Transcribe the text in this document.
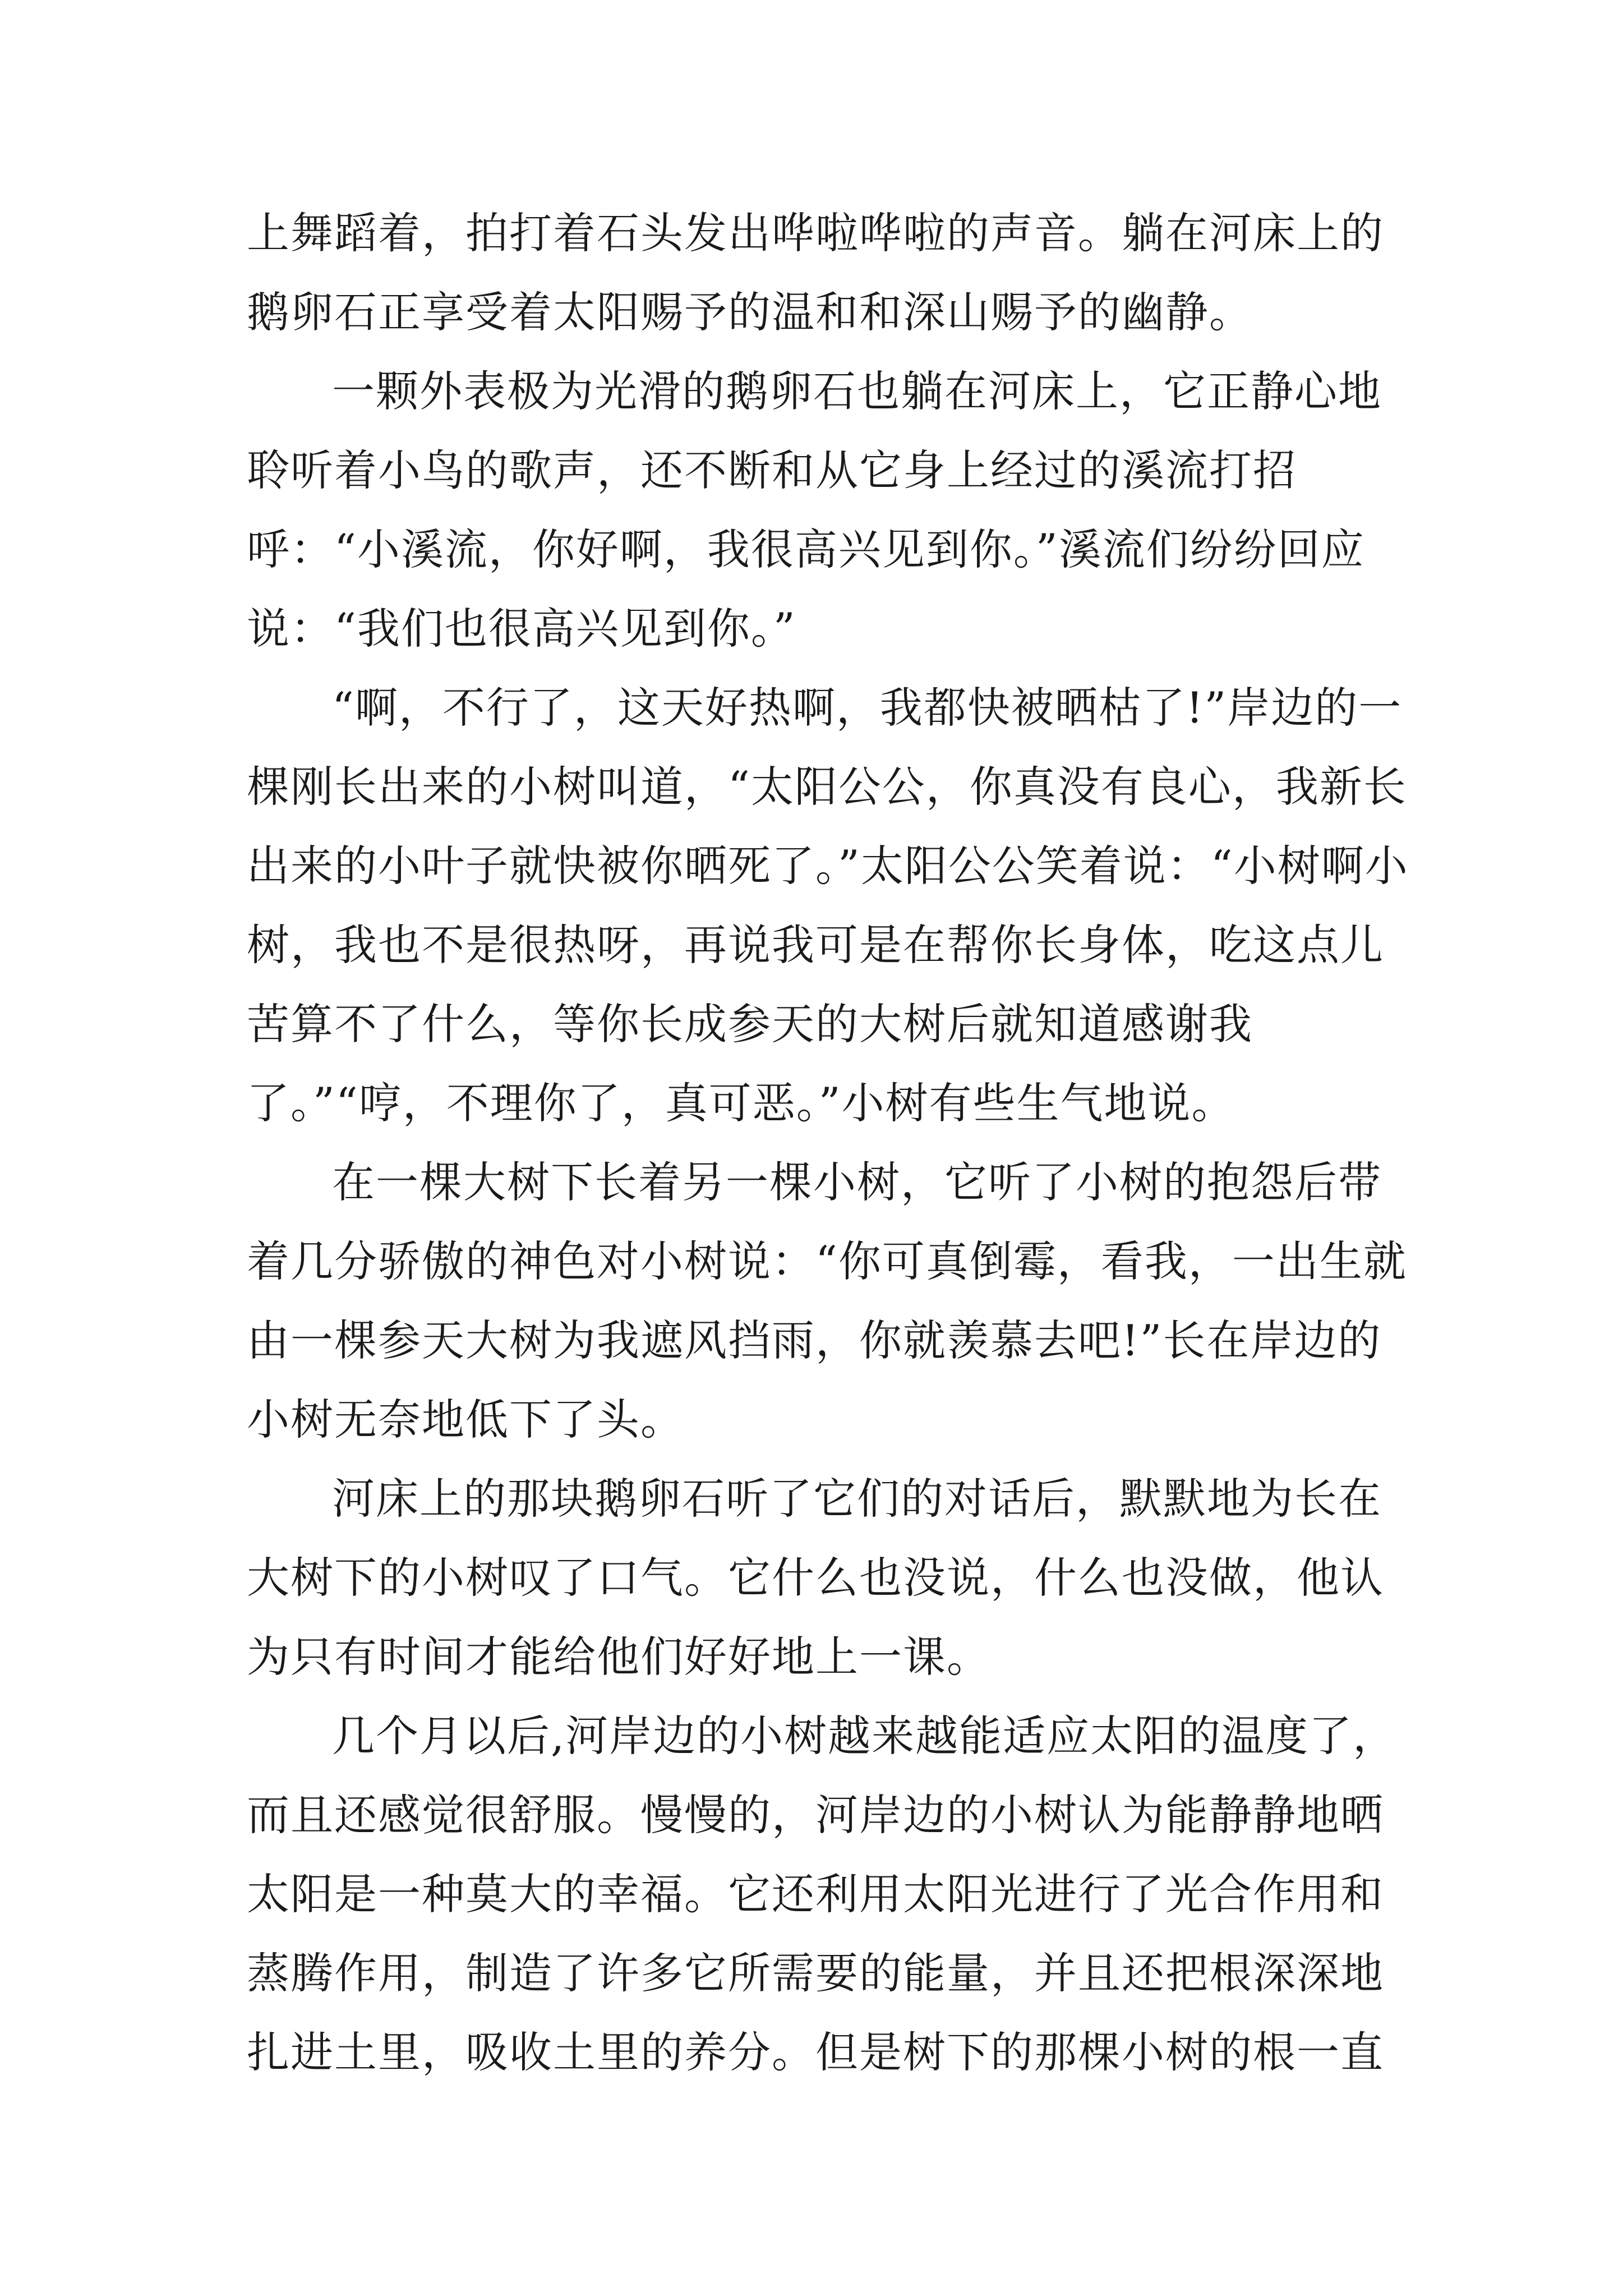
上舞蹈着，拍打着石头发出哗啦哗啦的声音。躺在河床上的鹅卵石正享受着太阳赐予的温和和深山赐予的幽静。

一颗外表极为光滑的鹅卵石也躺在河床上，它正静心地聆听着小鸟的歌声，还不断和从它身上经过的溪流打招呼：“小溪流，你好啊，我很高兴见到你。”溪流们纷纷回应说：“我们也很高兴见到你。”

“啊，不行了，这天好热啊，我都快被晒枯了!”岸边的一棵刚长出来的小树叫道，“太阳公公，你真没有良心，我新长出来的小叶子就快被你晒死了。”太阳公公笑着说：“小树啊小树，我也不是很热呀，再说我可是在帮你长身体，吃这点儿苦算不了什么，等你长成参天的大树后就知道感谢我了。”“哼，不理你了，真可恶。”小树有些生气地说。

在一棵大树下长着另一棵小树，它听了小树的抱怨后带着几分骄傲的神色对小树说：“你可真倒霉，看我，一出生就由一棵参天大树为我遮风挡雨，你就羡慕去吧!”长在岸边的小树无奈地低下了头。

河床上的那块鹅卵石听了它们的对话后，默默地为长在大树下的小树叹了口气。它什么也没说，什么也没做，他认为只有时间才能给他们好好地上一课。

几个月以后,河岸边的小树越来越能适应太阳的温度了，而且还感觉很舒服。慢慢的，河岸边的小树认为能静静地晒太阳是一种莫大的幸福。它还利用太阳光进行了光合作用和蒸腾作用，制造了许多它所需要的能量，并且还把根深深地扎进土里，吸收土里的养分。但是树下的那棵小树的根一直
